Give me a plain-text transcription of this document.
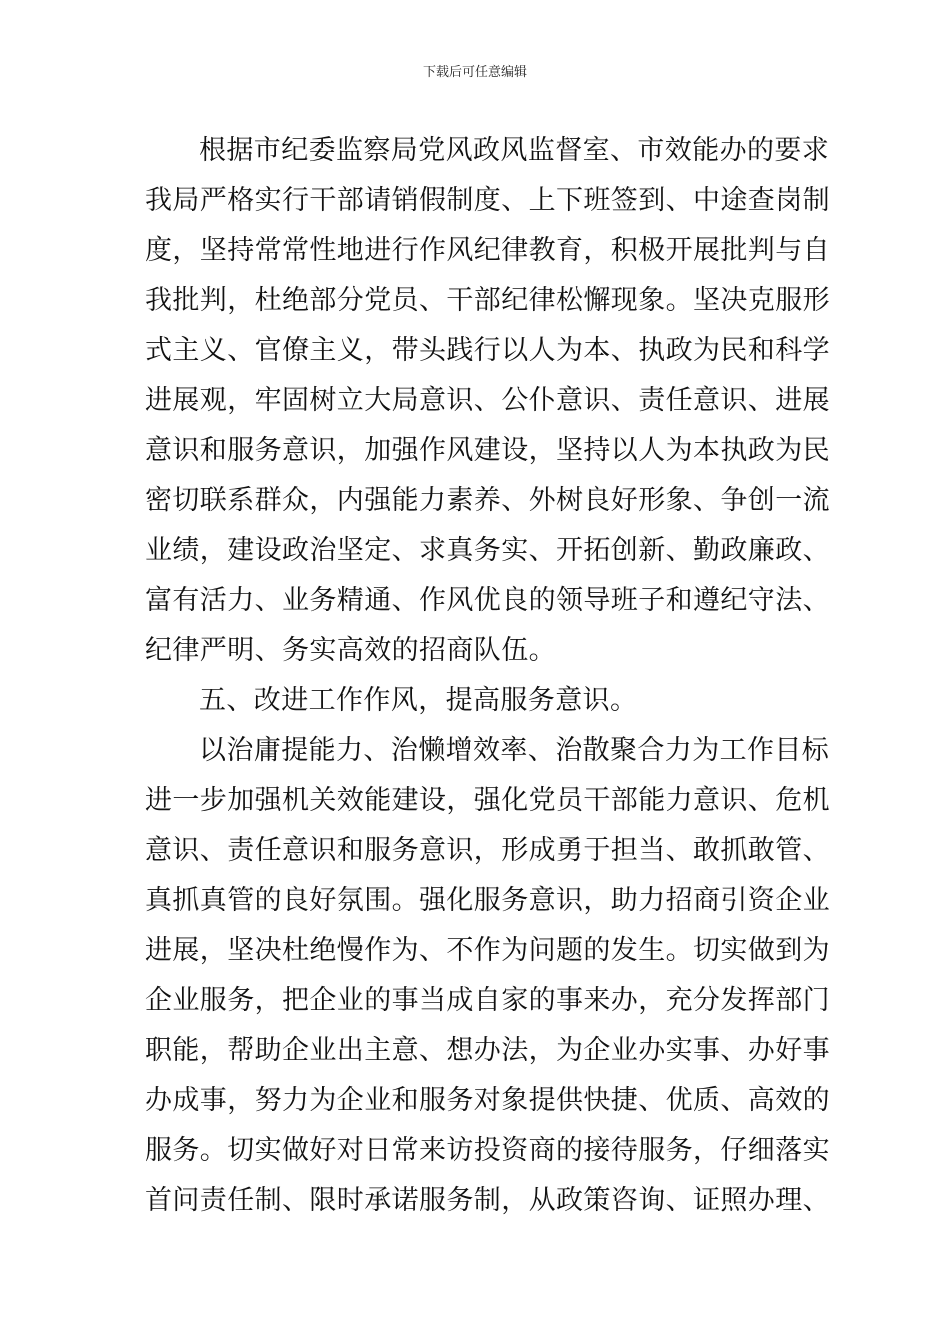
下载后可任意编辑
根据市纪委监察局党风政风监督室、市效能办的要求
我局严格实行干部请销假制度、上下班签到、中途查岗制
度，坚持常常性地进行作风纪律教育，积极开展批判与自
我批判，杜绝部分党员、干部纪律松懈现象。坚决克服形
式主义、官僚主义，带头践行以人为本、执政为民和科学
进展观，牢固树立大局意识、公仆意识、责任意识、进展
意识和服务意识，加强作风建设，坚持以人为本执政为民
密切联系群众，内强能力素养、外树良好形象、争创一流
业绩，建设政治坚定、求真务实、开拓创新、勤政廉政、
富有活力、业务精通、作风优良的领导班子和遵纪守法、
纪律严明、务实高效的招商队伍。
五、改进工作作风，提高服务意识。
以治庸提能力、治懒增效率、治散聚合力为工作目标
进一步加强机关效能建设，强化党员干部能力意识、危机
意识、责任意识和服务意识，形成勇于担当、敢抓敢管、
真抓真管的良好氛围。强化服务意识，助力招商引资企业
进展，坚决杜绝慢作为、不作为问题的发生。切实做到为
企业服务，把企业的事当成自家的事来办，充分发挥部门
职能，帮助企业出主意、想办法，为企业办实事、办好事
办成事，努力为企业和服务对象提供快捷、优质、高效的
服务。切实做好对日常来访投资商的接待服务，仔细落实
首问责任制、限时承诺服务制，从政策咨询、证照办理、
